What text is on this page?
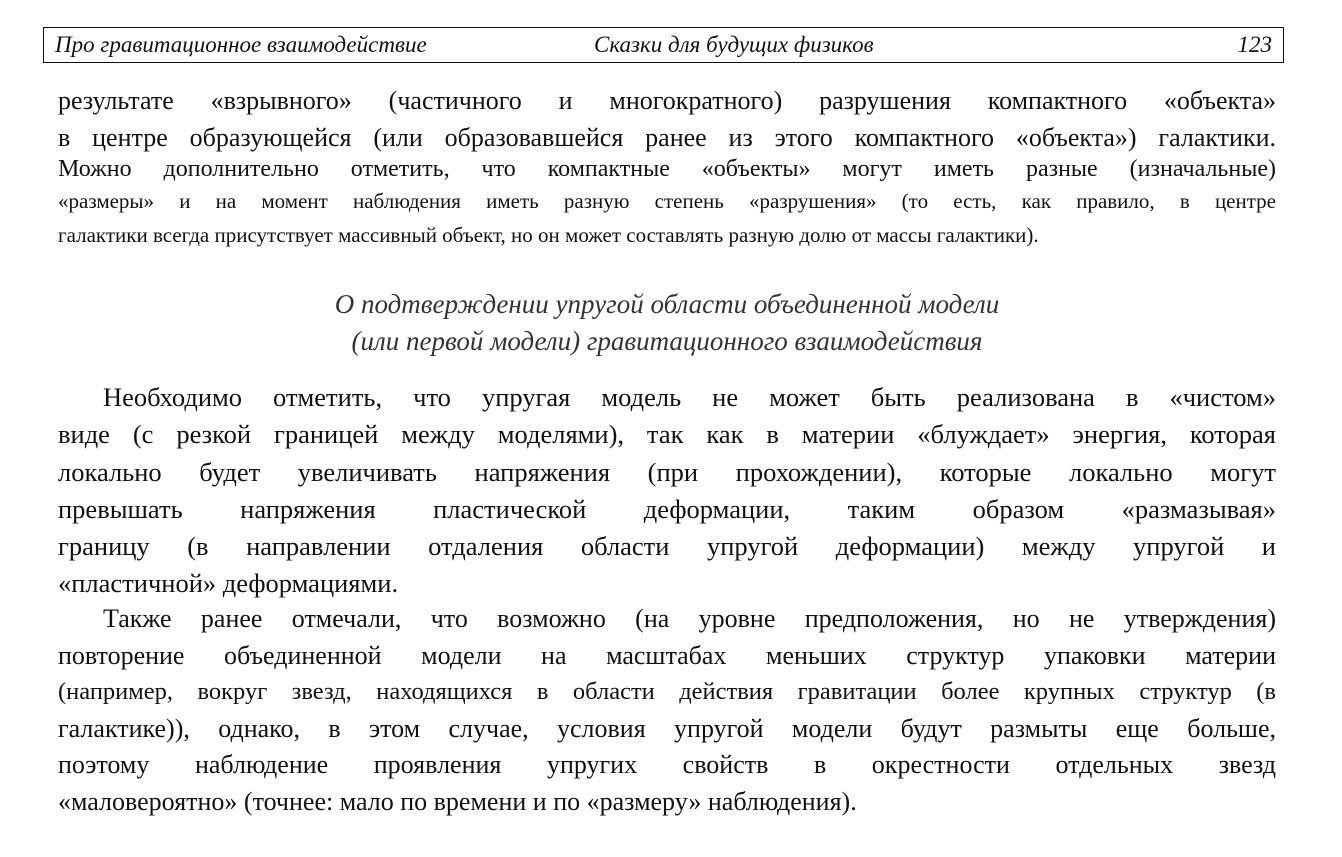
Про гравитационное взаимодействие	Сказки для будущих физиков	123
результате «взрывного» (частичного и многократного) разрушения компактного «объекта»
в центре образующейся (или образовавшейся ранее из этого компактного «объекта») галактики.
Можно дополнительно отметить, что компактные «объекты» могут иметь разные (изначальные)
«размеры» и на момент наблюдения иметь разную степень «разрушения» (то есть, как правило, в центре
галактики всегда присутствует массивный объект, но он может составлять разную долю от массы галактики).
О подтверждении упругой области объединенной модели
(или первой модели) гравитационного взаимодействия
Необходимо отметить, что упругая модель не может быть реализована в «чистом»
виде (с резкой границей между моделями), так как в материи «блуждает» энергия, которая
локально будет увеличивать напряжения (при прохождении), которые локально могут
превышать напряжения пластической деформации, таким образом «размазывая»
границу (в направлении отдаления области упругой деформации) между упругой и
«пластичной» деформациями.
Также ранее отмечали, что возможно (на уровне предположения, но не утверждения)
повторение объединенной модели на масштабах меньших структур упаковки материи
(например, вокруг звезд, находящихся в области действия гравитации более крупных структур (в
галактике)), однако, в этом случае, условия упругой модели будут размыты еще больше,
поэтому наблюдение проявления упругих свойств в окрестности отдельных звезд
«маловероятно» (точнее: мало по времени и по «размеру» наблюдения).
